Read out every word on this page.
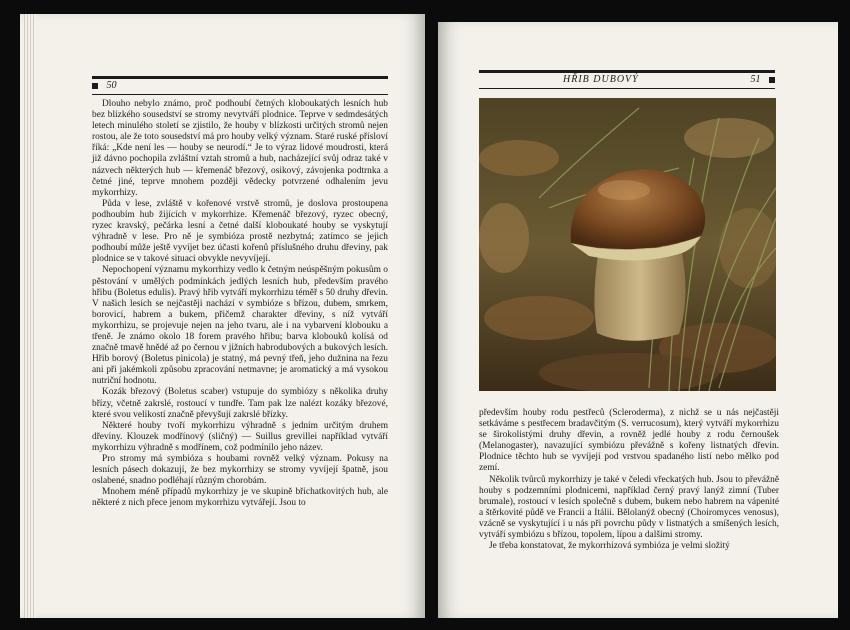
50

Dlouho nebylo známo, proč podhoubí četných kloboukatých lesních hub bez blízkého sousedství se stromy nevytváří plodnice. Teprve v sedmdesátých letech minulého století se zjistilo, že houby v blízkosti určitých stromů nejen rostou, ale že toto sousedství má pro houby velký význam. Staré ruské přísloví říká: „Kde není les — houby se neurodí.“ Je to výraz lidové moudrosti, která již dávno pochopila zvláštní vztah stromů a hub, nacházející svůj odraz také v názvech některých hub — křemenáč březový, osikový, závojenka podtrnka a četné jiné, teprve mnohem později vědecky potvrzené odhalením jevu mykorrhizy.

Půda v lese, zvláště v kořenové vrstvě stromů, je doslova prostoupena podhoubím hub žijících v mykorrhize. Křemenáč březový, ryzec obecný, ryzec kravský, pečárka lesní a četné další kloboukaté houby se vyskytují výhradně v lese. Pro ně je symbióza prostě nezbytná; zatímco se jejich podhoubí může ještě vyvíjet bez účasti kořenů příslušného druhu dřeviny, pak plodnice se v takové situaci obvykle nevyvíjejí.

Nepochopení významu mykorrhizy vedlo k četným neúspěšným pokusům o pěstování v umělých podmínkách jedlých lesních hub, především pravého hřibu (Boletus edulis). Pravý hřib vytváří mykorrhizu téměř s 50 druhy dřevin. V našich lesích se nejčastěji nachází v symbióze s břízou, dubem, smrkem, borovicí, habrem a bukem, přičemž charakter dřeviny, s níž vytváří mykorrhizu, se projevuje nejen na jeho tvaru, ale i na vybarvení klobouku a třeně. Je známo okolo 18 forem pravého hřibu; barva klobouků kolísá od značně tmavě hnědé až po černou v jižních habrodubových a bukových lesích. Hřib borový (Boletus pinicola) je statný, má pevný třeň, jeho dužnina na řezu ani při jakémkoli způsobu zpracování netmavne; je aromatický a má vysokou nutriční hodnotu.

Kozák březový (Boletus scaber) vstupuje do symbiózy s několika druhy břízy, včetně zakrslé, rostoucí v tundře. Tam pak lze nalézt kozáky březové, které svou velikostí značně převyšují zakrslé břízky.

Některé houby tvoří mykorrhizu výhradně s jedním určitým druhem dřeviny. Klouzek modřínový (sličný) — Suillus grevillei například vytváří mykorrhizu výhradně s modřínem, což podmínilo jeho název.

Pro stromy má symbióza s houbami rovněž velký význam. Pokusy na lesních pásech dokazují, že bez mykorrhizy se stromy vyvíjejí špatně, jsou oslabené, snadno podléhají různým chorobám.

Mnohem méně případů mykorrhizy je ve skupině břichatkovitých hub, ale některé z nich přece jenom mykorrhizu vytvářejí. Jsou to

HŘIB DUBOVÝ	51

především houby rodu pestřeců (Scleroderma), z nichž se u nás nejčastěji setkáváme s pestřecem bradavčitým (S. verrucosum), který vytváří mykorrhizu se širokolistými druhy dřevin, a rovněž jedlé houby z rodu černoušek (Melanogaster), navazující symbiózu převážně s kořeny listnatých dřevin. Plodnice těchto hub se vyvíjejí pod vrstvou spadaného listí nebo mělko pod zemí.

Několik tvůrců mykorrhizy je také v čeledi vřeckatých hub. Jsou to převážně houby s podzemními plodnicemi, například černý pravý lanýž zimní (Tuber brumale), rostoucí v lesích společně s dubem, bukem nebo habrem na vápenité a štěrkovité půdě ve Francii a Itálii. Bělolanýž obecný (Choiromyces venosus), vzácně se vyskytující i u nás při povrchu půdy v listnatých a smíšených lesích, vytváří symbiózu s břízou, topolem, lípou a dalšími stromy.

Je třeba konstatovat, že mykorrhizová symbióza je velmi složitý
